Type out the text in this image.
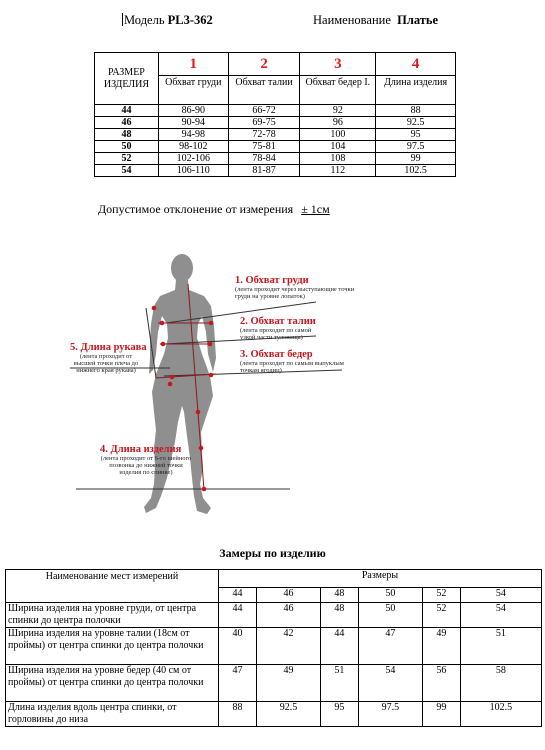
Модель PL3-362	Наименование Платье
РАЗМЕР ИЗДЕЛИЯ	1	2	3	4
	Обхват груди	Обхват талии	Обхват бедер I.	Длина изделия
44	86-90	66-72	92	88
46	90-94	69-75	96	92.5
48	94-98	72-78	100	95
50	98-102	75-81	104	97.5
52	102-106	78-84	108	99
54	106-110	81-87	112	102.5
Допустимое отклонение от измерения ± 1см
1. Обхват груди
(лента проходит через выступающие точки груди на уровне лопаток)
2. Обхват талии
(лента проходит по самой узкой части туловища)
3. Обхват бедер
(лента проходит по самым выпуклым точкам ягодиц)
5. Длина рукава
(лента проходит от высшей точки плеча до нижнего края рукава)
4. Длина изделия
(лента проходит от 6-го шейного позвонка до нижней точки изделия по спинке)
Замеры по изделию
Наименование мест измерений	Размеры					
	44	46	48	50	52	54
Ширина изделия на уровне груди, от центра спинки до центра полочки	44	46	48	50	52	54
Ширина изделия на уровне талии (18см от проймы) от центра спинки до центра полочки	40	42	44	47	49	51
Ширина изделия на уровне бедер (40 см от проймы) от центра спинки до центра полочки	47	49	51	54	56	58
Длина изделия вдоль центра спинки, от горловины до низа	88	92.5	95	97.5	99	102.5
